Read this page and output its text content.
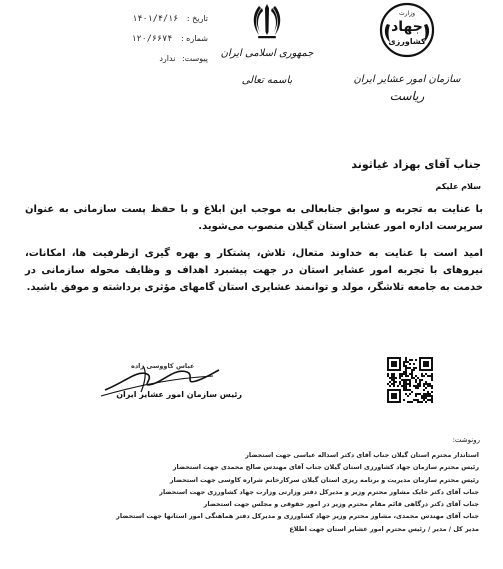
تاریخ : ۱۴۰۱/۴/۱۶
شماره : ۱۲۰/۶۶۷۴
پیوست: ندارد	جمهوری اسلامی ایران
باسمه تعالی
وزارت
جهاد
کشاورزی
سازمان امور عشایر ایران
ریاست
جناب آقای بهزاد غیاثوند
سلام علیکم
با عنایت به تجربه و سوابق جنابعالی به موجب این ابلاغ و با حفظ پست سازمانی به عنوان سرپرست اداره امور عشایر استان گیلان منصوب می‌شوید.
امید است با عنایت به خداوند متعال، تلاش، پشتکار و بهره گیری ازظرفیت ها، امکانات، نیروهای با تجربه امور عشایر استان در جهت پیشبرد اهداف و وظایف محوله سازمانی در خدمت به جامعه تلاشگر، مولد و توانمند عشایری استان گامهای مؤثری برداشته و موفق باشید.
عباس کاووسی زاده
رئیس سازمان امور عشایر ایران
رونوشت:
استاندار محترم استان گیلان جناب آقای دکتر اسداله عباسی جهت استحضار
رئیس محترم سازمان جهاد کشاورزی استان گیلان جناب آقای مهندس صالح محمدی جهت استحضار
رئیس محترم سازمان مدیریت و برنامه ریزی استان گیلان سرکارخانم شراره کاوسی جهت استحضار
جناب آقای دکتر حایک مشاور محترم وزیر و مدیرکل دفتر وزارتی وزارت جهاد کشاورزی جهت استحضار
جناب آقای دکتر درگاهی قائم مقام محترم وزیر در امور حقوقی و مجلس جهت استحضار
جناب آقای مهندس محمدی، مشاور محترم وزیر جهاد کشاورزی و مدیرکل دفتر هماهنگی امور استانها جهت استحضار
مدیر کل / مدیر / رئیس محترم امور عشایر استان جهت اطلاع
